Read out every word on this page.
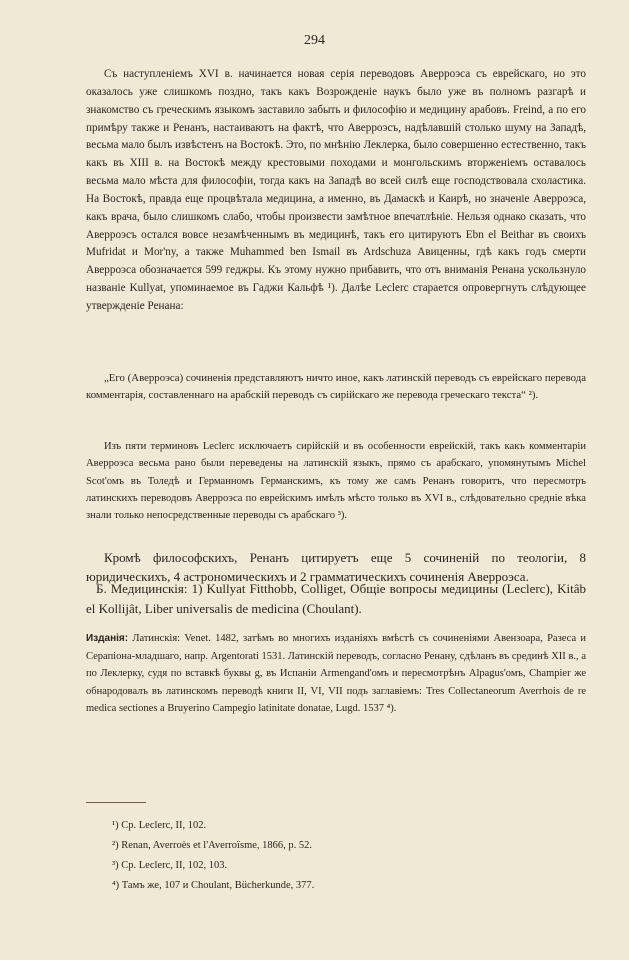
294

Съ наступленіемъ XVI в. начинается новая серія переводовъ Аверроэса съ еврейскаго, но это оказалось уже слишкомъ поздно, такъ какъ Возрожденіе наукъ было уже въ полномъ разгарѣ и знакомство съ греческимъ языкомъ заставило забыть и философію и медицину арабовъ. Freind, а по его примѣру также и Ренанъ, настаиваютъ на фактѣ, что Аверроэсъ, надѣлавшій столько шуму на Западѣ, весьма мало былъ извѣстенъ на Востокѣ. Это, по мнѣнію Леклерка, было совершенно естественно, такъ какъ въ XIII в. на Востокѣ между крестовыми походами и монгольскимъ вторженіемъ оставалось весьма мало мѣста для философіи, тогда какъ на Западѣ во всей силѣ еще господствовала схоластика. На Востокѣ, правда еще процвѣтала медицина, а именно, въ Дамаскѣ и Каирѣ, но значеніе Аверроэса, какъ врача, было слишкомъ слабо, чтобы произвести замѣтное впечатлѣніе. Нельзя однако сказать, что Аверроэсъ остался вовсе незамѣченнымъ въ медицинѣ, такъ его цитируютъ Ebn el Beithar въ своихъ Mufridat и Mor'ny, а также Muhammed ben Ismail въ Ardschuza Авиценны, гдѣ какъ годъ смерти Аверроэса обозначается 599 геджры. Къ этому нужно прибавить, что отъ вниманія Ренана ускользнуло названіе Kullyat, упоминаемое въ Гаджи Кальфѣ ¹). Далѣе Leclerc старается опровергнуть слѣдующее утвержденіе Ренана:

„Его (Аверроэса) сочиненія представляютъ ничто иное, какъ латинскій переводъ съ еврейскаго перевода комментарія, составленнаго на арабскій переводъ съ сирійскаго же перевода греческаго текста“ ²).

Изъ пяти терминовъ Leclerc исключаетъ сирійскій и въ особенности еврейскій, такъ какъ комментаріи Аверроэса весьма рано были переведены на латинскій языкъ, прямо съ арабскаго, упомянутымъ Michel Scot'омъ въ Толедѣ и Германномъ Германскимъ, къ тому же самъ Ренанъ говоритъ, что пересмотръ латинскихъ переводовъ Аверроэса по еврейскимъ имѣлъ мѣсто только въ XVI в., слѣдовательно средніе вѣка знали только непосредственные переводы съ арабскаго ³).

Кромѣ философскихъ, Ренанъ цитируетъ еще 5 сочиненій по теологіи, 8 юридическихъ, 4 астрономическихъ и 2 грамматическихъ сочиненія Аверроэса.

Б. Медицинскія: 1) Kullyat Fitthobb, Colliget, Общіе вопросы медицины (Leclerc), Kitâb el Kollijât, Liber universalis de medicina (Choulant).

Изданія: Латинскія: Venet. 1482, затѣмъ во многихъ изданіяхъ вмѣстѣ съ сочиненіями Авензоара, Разеса и Серапіона-младшаго, напр. Argentorati 1531. Латинскій переводъ, согласно Ренану, сдѣланъ въ срединѣ XII в., а по Леклерку, судя по вставкѣ буквы g, въ Испаніи Armengand'омъ и пересмотрѣнъ Alpagus'омъ, Champier же обнародовалъ въ латинскомъ переводѣ книги II, VI, VII подъ заглавіемъ: Tres Collectaneorum Averrhois de re medica sectiones a Bruyerino Campegio latinitate donatae, Lugd. 1537 ⁴).

¹) Ср. Leclerc, II, 102.
²) Renan, Averroès et l'Averroïsme, 1866, p. 52.
³) Ср. Leclerc, II, 102, 103.
⁴) Тамъ же, 107 и Choulant, Bücherkunde, 377.
